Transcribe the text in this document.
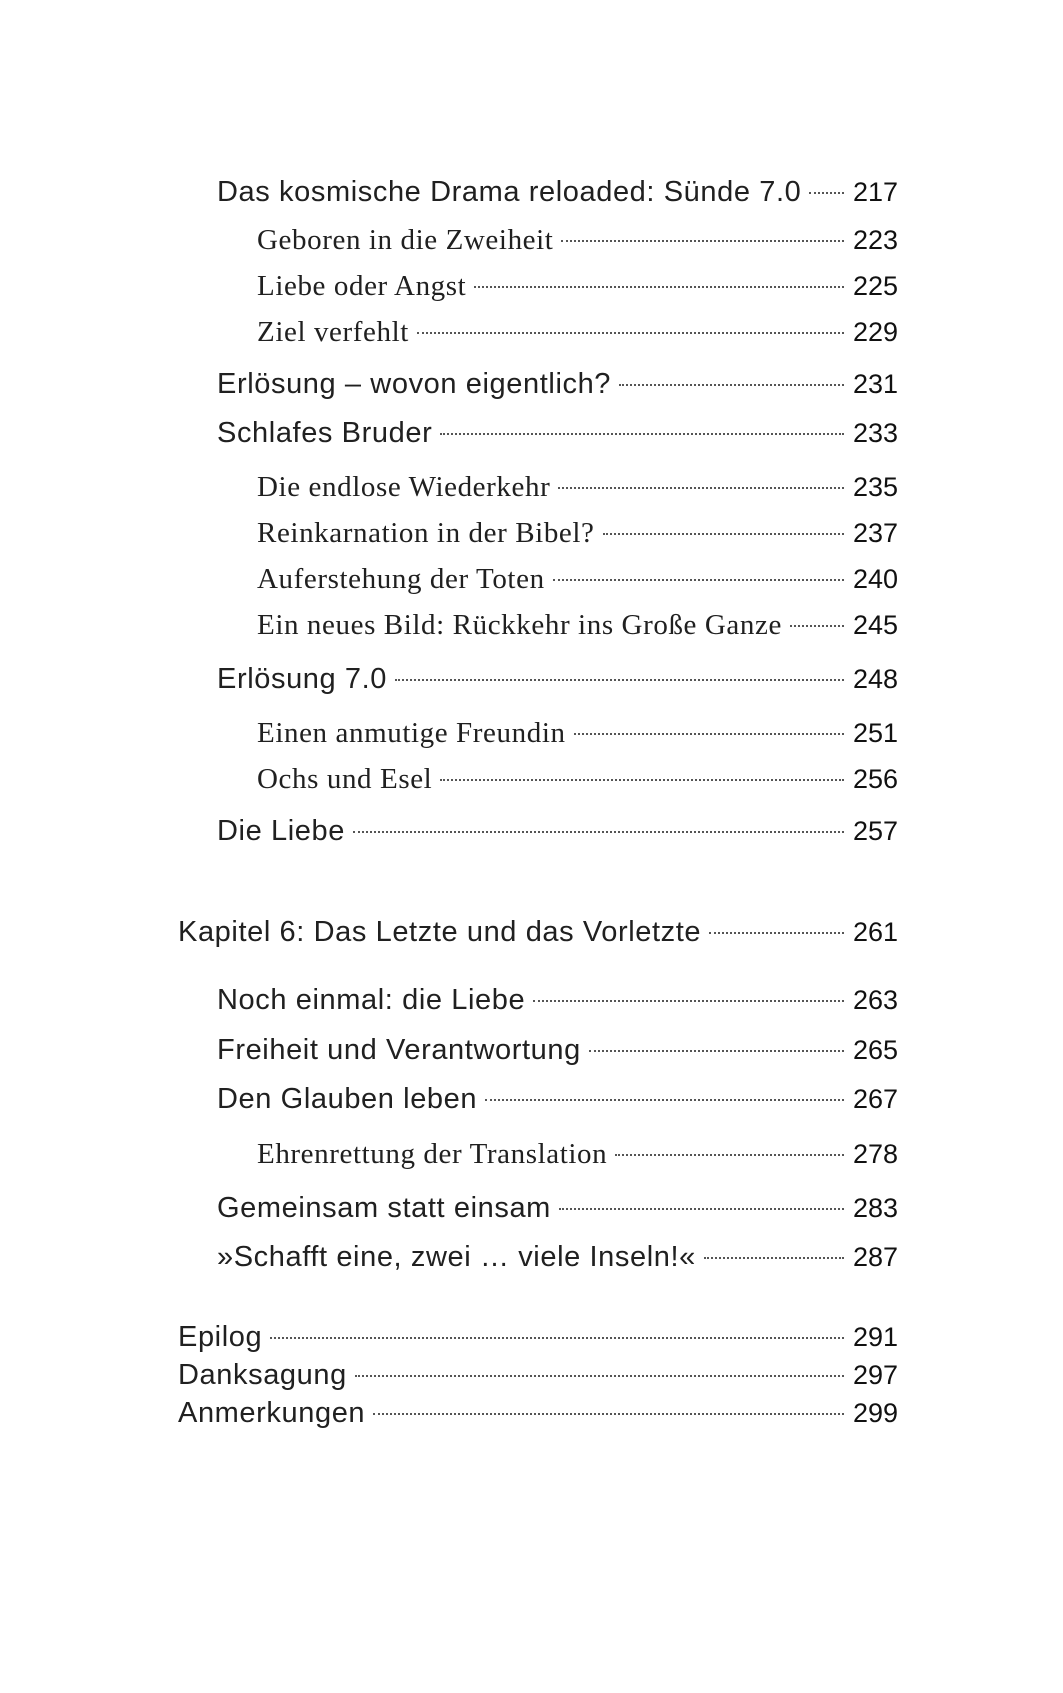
Das kosmische Drama reloaded: Sünde 7.0 217
Geboren in die Zweiheit	223
Liebe oder Angst	225
Ziel verfehlt	229
Erlösung – wovon eigentlich?	231
Schlafes Bruder	233
Die endlose Wiederkehr	235
Reinkarnation in der Bibel?	237
Auferstehung der Toten	240
Ein neues Bild: Rückkehr ins Große Ganze	245
Erlösung 7.0	248
Einen anmutige Freundin	251
Ochs und Esel	256
Die Liebe	257
Kapitel 6: Das Letzte und das Vorletzte	261
Noch einmal: die Liebe	263
Freiheit und Verantwortung	265
Den Glauben leben	267
Ehrenrettung der Translation	278
Gemeinsam statt einsam	283
»Schafft eine, zwei … viele Inseln!«	287
Epilog	291
Danksagung	297
Anmerkungen	299
